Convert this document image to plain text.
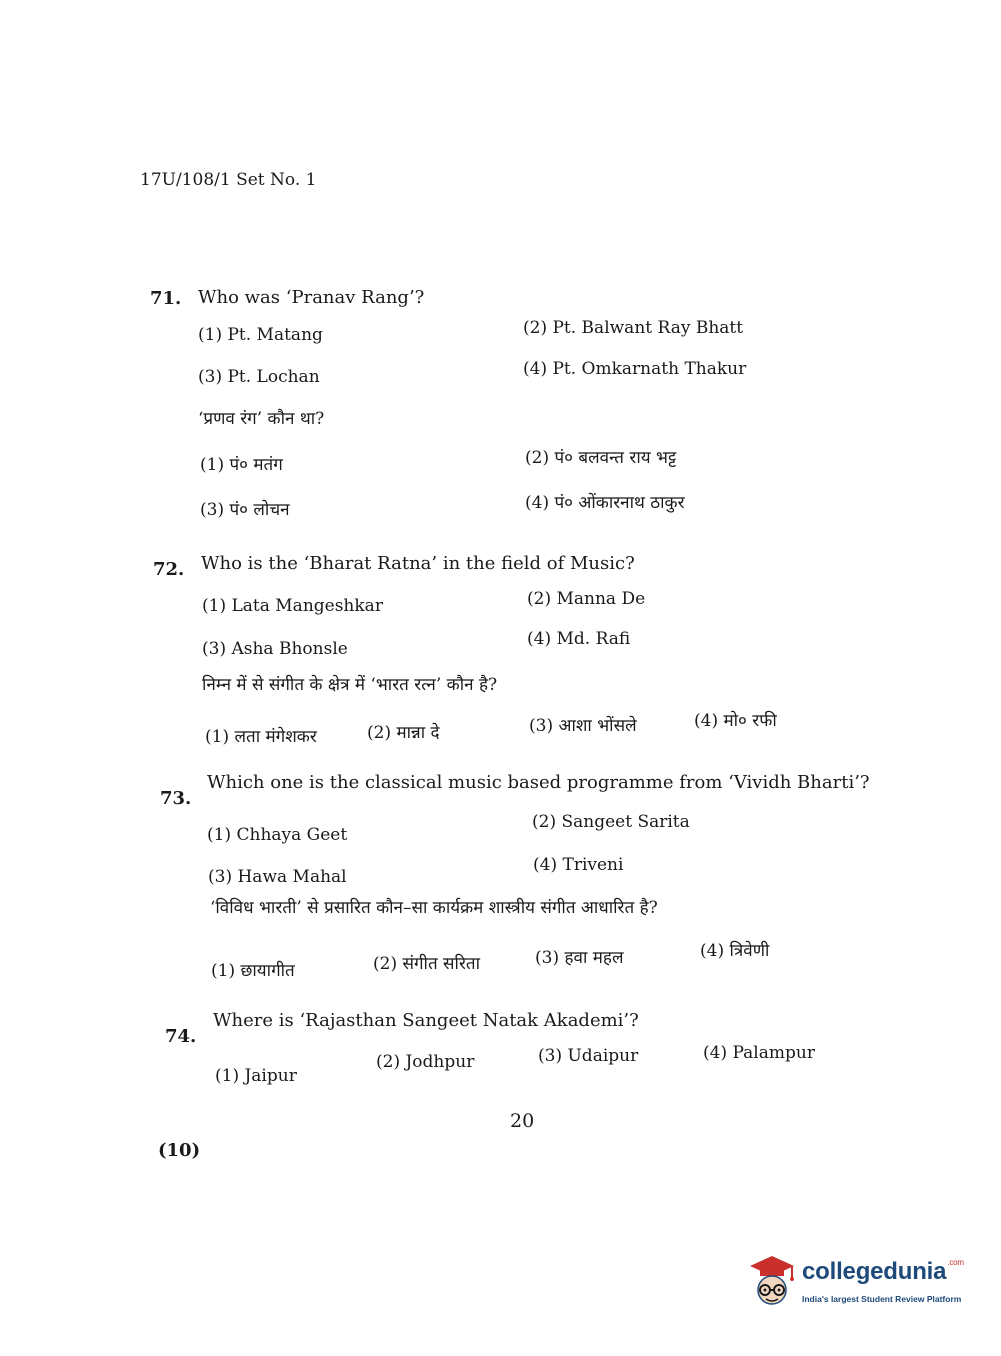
17U/108/1 Set No. 1
71. Who was ‘Pranav Rang’?
(1) Pt. Matang	(2) Pt. Balwant Ray Bhatt
(3) Pt. Lochan	(4) Pt. Omkarnath Thakur
‘प्रणव रंग’ कौन था?
(1) पं० मतंग	(2) पं० बलवन्त राय भट्ट
(3) पं० लोचन	(4) पं० ओंकारनाथ ठाकुर
72. Who is the ‘Bharat Ratna’ in the field of Music?
(1) Lata Mangeshkar	(2) Manna De
(3) Asha Bhonsle	(4) Md. Rafi
निम्न में से संगीत के क्षेत्र में ‘भारत रत्न’ कौन है?
(1) लता मंगेशकर	(2) मान्ना दे	(3) आशा भोंसले	(4) मो० रफी
73.
Which one is the classical music based programme from ‘Vividh Bharti’?
(1) Chhaya Geet
(2) Sangeet Sarita
(3) Hawa Mahal
(4) Triveni
‘विविध भारती’ से प्रसारित कौन–सा कार्यक्रम शास्त्रीय संगीत आधारित है?
(1) छायागीत	(2) संगीत सरिता	(3) हवा महल	(4) त्रिवेणी
74.
Where is ‘Rajasthan Sangeet Natak Akademi’?
(1) Jaipur
(2) Jodhpur	(3) Udaipur	(4) Palampur
20
(10)
collegedunia$^{.com}$
India's largest Student Review Platform
